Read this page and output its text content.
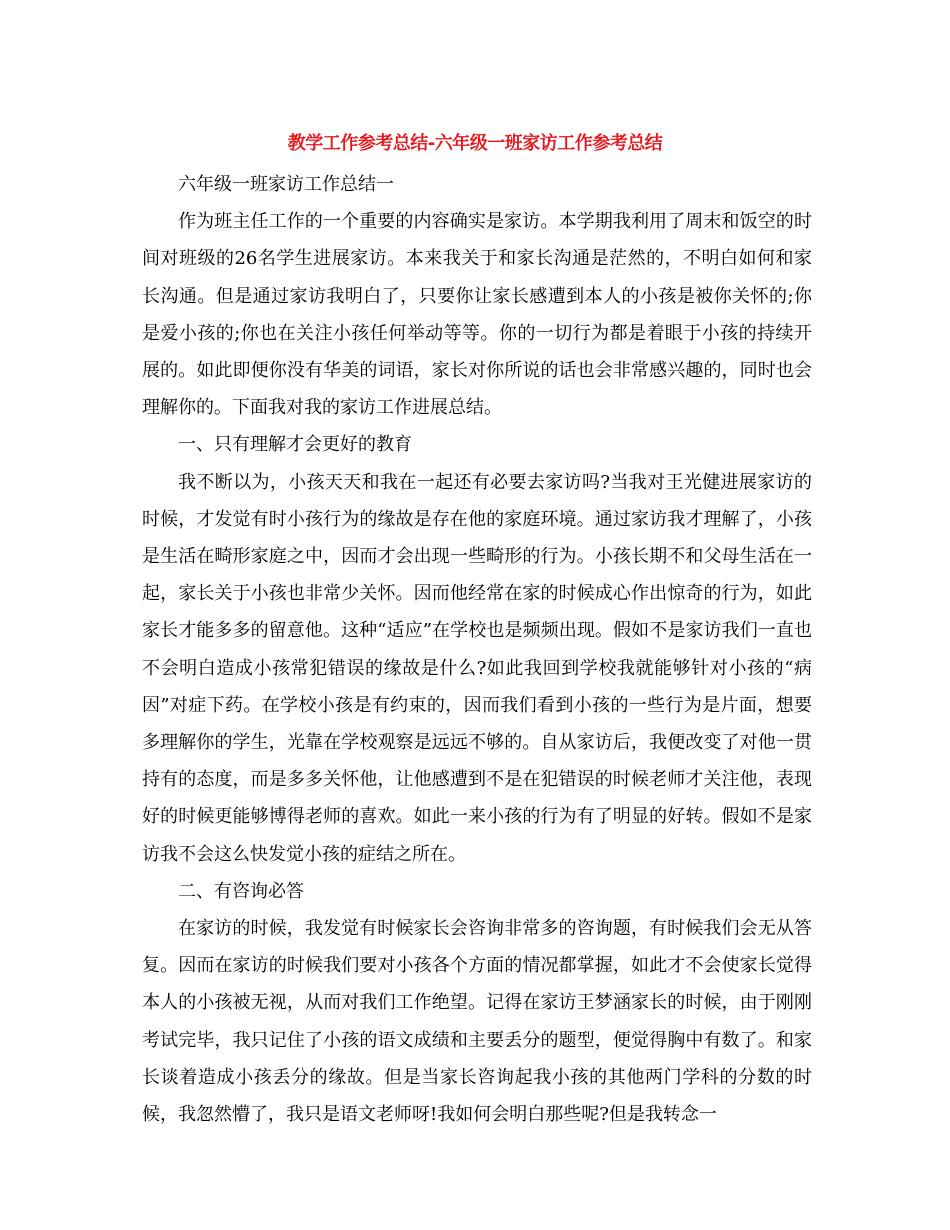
教学工作参考总结-六年级一班家访工作参考总结

六年级一班家访工作总结一

作为班主任工作的一个重要的内容确实是家访。本学期我利用了周末和饭空的时间对班级的26名学生进展家访。本来我关于和家长沟通是茫然的，不明白如何和家长沟通。但是通过家访我明白了，只要你让家长感遭到本人的小孩是被你关怀的;你是爱小孩的;你也在关注小孩任何举动等等。你的一切行为都是着眼于小孩的持续开展的。如此即便你没有华美的词语，家长对你所说的话也会非常感兴趣的，同时也会理解你的。下面我对我的家访工作进展总结。

一、只有理解才会更好的教育

我不断以为，小孩天天和我在一起还有必要去家访吗?当我对王光健进展家访的时候，才发觉有时小孩行为的缘故是存在他的家庭环境。通过家访我才理解了，小孩是生活在畸形家庭之中，因而才会出现一些畸形的行为。小孩长期不和父母生活在一起，家长关于小孩也非常少关怀。因而他经常在家的时候成心作出惊奇的行为，如此家长才能多多的留意他。这种“适应”在学校也是频频出现。假如不是家访我们一直也不会明白造成小孩常犯错误的缘故是什么?如此我回到学校我就能够针对小孩的“病因”对症下药。在学校小孩是有约束的，因而我们看到小孩的一些行为是片面，想要多理解你的学生，光靠在学校观察是远远不够的。自从家访后，我便改变了对他一贯持有的态度，而是多多关怀他，让他感遭到不是在犯错误的时候老师才关注他，表现好的时候更能够博得老师的喜欢。如此一来小孩的行为有了明显的好转。假如不是家访我不会这么快发觉小孩的症结之所在。

二、有咨询必答

在家访的时候，我发觉有时候家长会咨询非常多的咨询题，有时候我们会无从答复。因而在家访的时候我们要对小孩各个方面的情况都掌握，如此才不会使家长觉得本人的小孩被无视，从而对我们工作绝望。记得在家访王梦涵家长的时候，由于刚刚考试完毕，我只记住了小孩的语文成绩和主要丢分的题型，便觉得胸中有数了。和家长谈着造成小孩丢分的缘故。但是当家长咨询起我小孩的其他两门学科的分数的时候，我忽然懵了，我只是语文老师呀!我如何会明白那些呢?但是我转念一
